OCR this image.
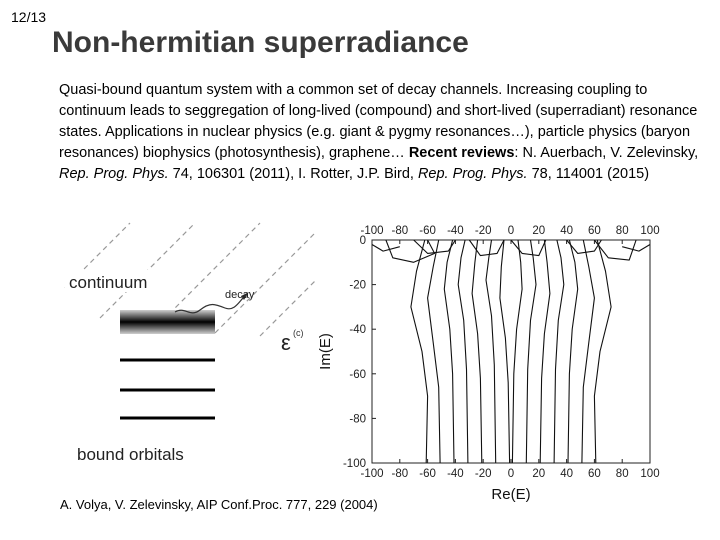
12/13
Non-hermitian superradiance
Quasi-bound quantum system with a common set of decay channels. Increasing coupling to continuum leads to seggregation of long-lived (compound) and short-lived (superradiant) resonance states. Applications in nuclear physics (e.g. giant & pygmy resonances…), particle physics (baryon resonances) biophysics (photosynthesis), graphene… Recent reviews: N. Auerbach, V. Zelevinsky, Rep. Prog. Phys. 74, 106301 (2011), I. Rotter, J.P. Bird, Rep. Prog. Phys. 78, 114001 (2015)
continuum
decay
(c)
ε
bound orbitals
-100
-100
-80
-80
-60
-60
-40
-40
-20
-20
0
0
20
20
40
40
60
60
80
80
100
100
0
-20
-40
-60
-80
-100
Re(E)
Im(E)
A. Volya, V. Zelevinsky, AIP Conf.Proc. 777, 229 (2004)
